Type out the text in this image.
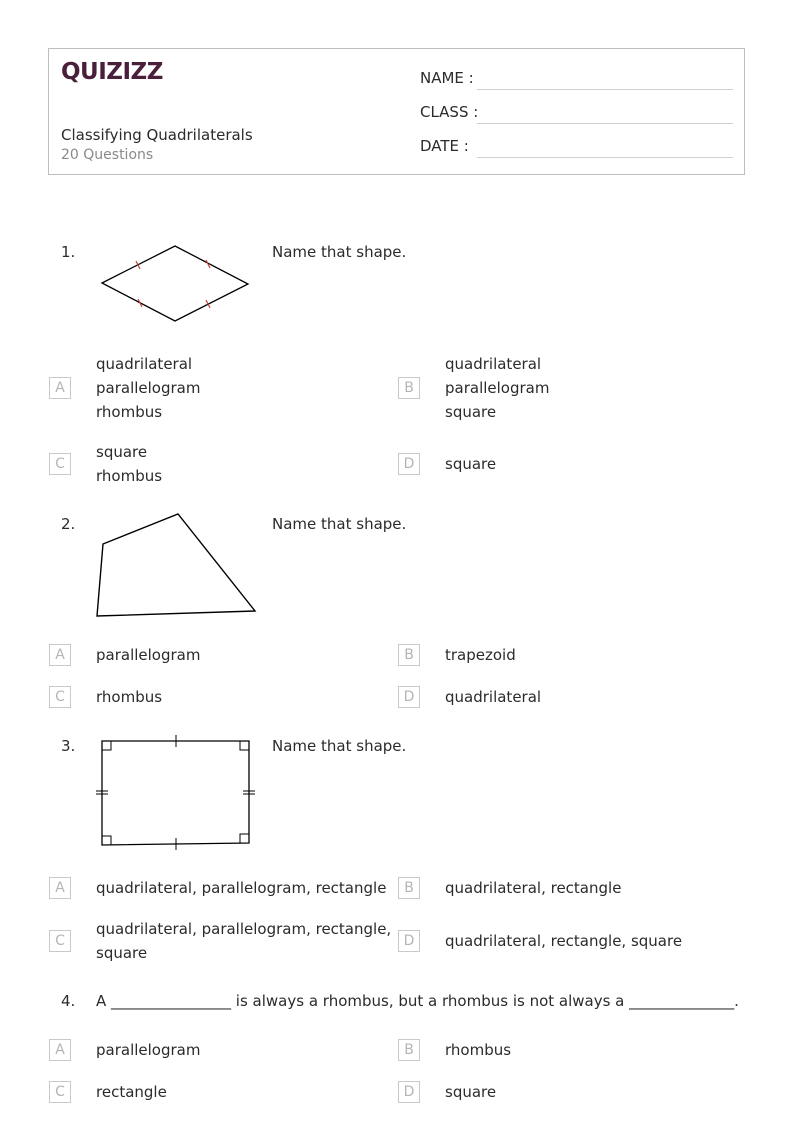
QUIZIZZ
Classifying Quadrilaterals
20 Questions
NAME :
CLASS :
DATE :
1.	Name that shape.
A
quadrilateral
parallelogram
rhombus
B
quadrilateral
parallelogram
square
C
square
rhombus
D	square
2.	Name that shape.
A	parallelogram	B	trapezoid
C	rhombus	D	quadrilateral
3.	Name that shape.
A	quadrilateral, parallelogram, rectangle	B	quadrilateral, rectangle
C
quadrilateral, parallelogram, rectangle,
square
D	quadrilateral, rectangle, square
4. A ________________ is always a rhombus, but a rhombus is not always a ______________.
A	parallelogram	B	rhombus
C	rectangle	D	square
